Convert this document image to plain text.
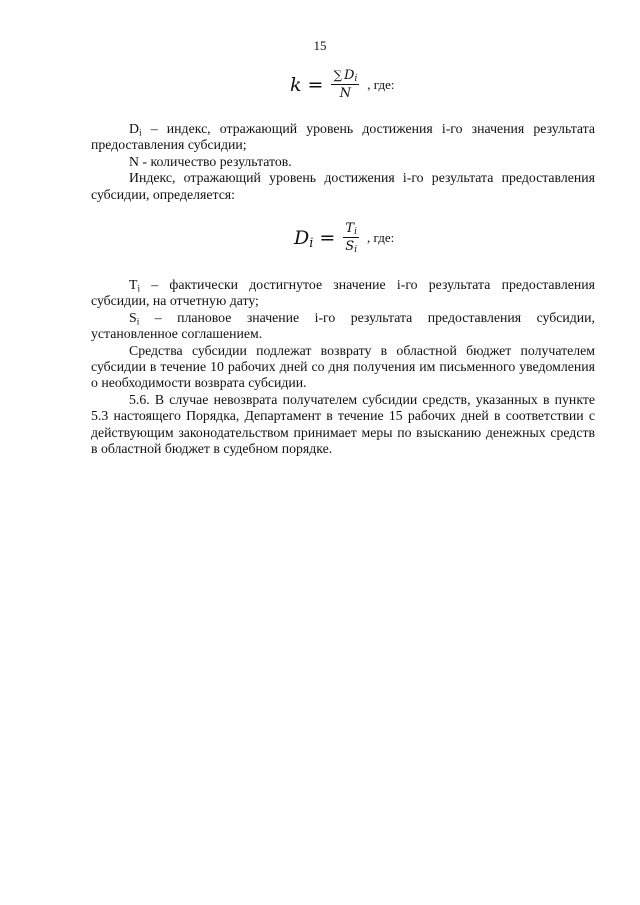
15
$k = \frac{\sum D_i}{N}$ , где:

$D_i$ – индекс, отражающий уровень достижения i-го значения результата предоставления субсидии;

N - количество результатов.

Индекс, отражающий уровень достижения i-го результата предоставления субсидии, определяется:

$D_i = \frac{T_i}{S_i}$ , где:

$T_i$ – фактически достигнутое значение i-го результата предоставления субсидии, на отчетную дату;

$S_i$ – плановое значение i-го результата предоставления субсидии, установленное соглашением.

Средства субсидии подлежат возврату в областной бюджет получателем субсидии в течение 10 рабочих дней со дня получения им письменного уведомления о необходимости возврата субсидии.

5.6. В случае невозврата получателем субсидии средств, указанных в пункте 5.3 настоящего Порядка, Департамент в течение 15 рабочих дней в соответствии с действующим законодательством принимает меры по взысканию денежных средств в областной бюджет в судебном порядке.
